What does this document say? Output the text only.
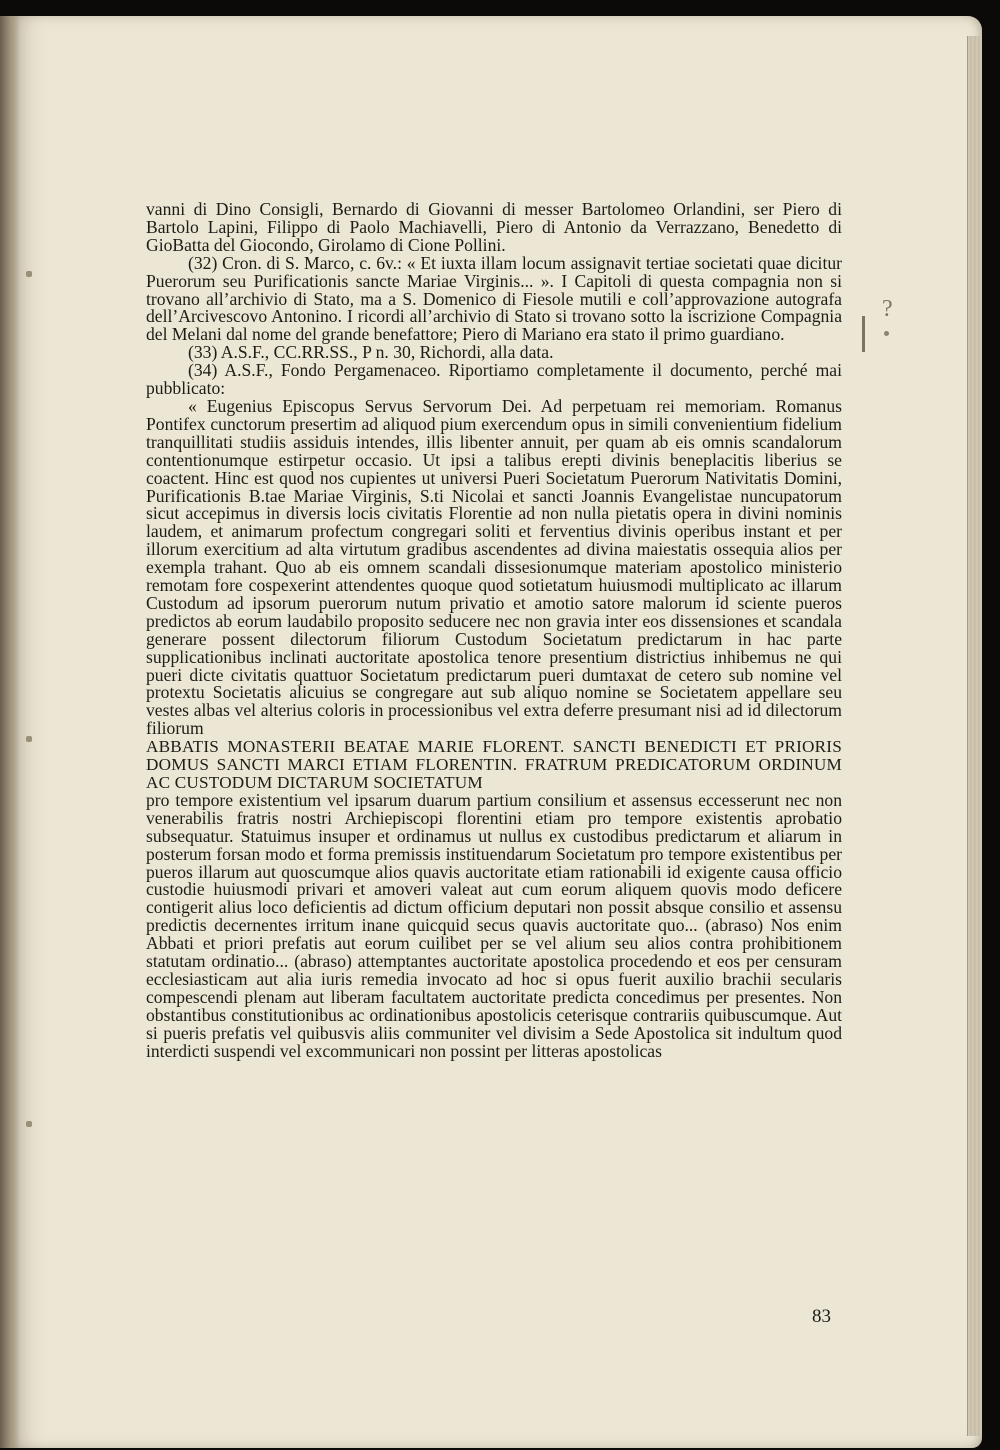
?

vanni di Dino Consigli, Bernardo di Giovanni di messer Bartolomeo Orlandini, ser Piero di Bartolo Lapini, Filippo di Paolo Machiavelli, Piero di Antonio da Verrazzano, Benedetto di GioBatta del Giocondo, Girolamo di Cione Pollini.

(32) Cron. di S. Marco, c. 6v.: « Et iuxta illam locum assignavit tertiae societati quae dicitur Puerorum seu Purificationis sancte Mariae Virginis... ». I Capitoli di questa compagnia non si trovano all’archivio di Stato, ma a S. Domenico di Fiesole mutili e coll’approvazione autografa dell’Arcivescovo Antonino. I ricordi all’archivio di Stato si trovano sotto la iscrizione Compagnia del Melani dal nome del grande benefattore; Piero di Mariano era stato il primo guardiano.

(33) A.S.F., CC.RR.SS., P n. 30, Richordi, alla data.

(34) A.S.F., Fondo Pergamenaceo. Riportiamo completamente il documento, perché mai pubblicato:

« Eugenius Episcopus Servus Servorum Dei. Ad perpetuam rei memoriam. Romanus Pontifex cunctorum presertim ad aliquod pium exercendum opus in simili convenientium fidelium tranquillitati studiis assiduis intendes, illis libenter annuit, per quam ab eis omnis scandalorum contentionumque estirpetur occasio. Ut ipsi a talibus erepti divinis beneplacitis liberius se coactent. Hinc est quod nos cupientes ut universi Pueri Societatum Puerorum Nativitatis Domini, Purificationis B.tae Mariae Virginis, S.ti Nicolai et sancti Joannis Evangelistae nuncupatorum sicut accepimus in diversis locis civitatis Florentie ad non nulla pietatis opera in divini nominis laudem, et animarum profectum congregari soliti et ferventius divinis operibus instant et per illorum exercitium ad alta virtutum gradibus ascendentes ad divina maiestatis ossequia alios per exempla trahant. Quo ab eis omnem scandali dissesionumque materiam apostolico ministerio remotam fore cospexerint attendentes quoque quod sotietatum huiusmodi multiplicato ac illarum Custodum ad ipsorum puerorum nutum privatio et amotio satore malorum id sciente pueros predictos ab eorum laudabilo proposito seducere nec non gravia inter eos dissensiones et scandala generare possent dilectorum filiorum Custodum Societatum predictarum in hac parte supplicationibus inclinati auctoritate apostolica tenore presentium districtius inhibemus ne qui pueri dicte civitatis quattuor Societatum predictarum pueri dumtaxat de cetero sub nomine vel protextu Societatis alicuius se congregare aut sub aliquo nomine se Societatem appellare seu vestes albas vel alterius coloris in processionibus vel extra deferre presumant nisi ad id dilectorum filiorum

ABBATIS MONASTERII BEATAE MARIE FLORENT. SANCTI BENEDICTI ET PRIORIS DOMUS SANCTI MARCI ETIAM FLORENTIN. FRATRUM PREDICATORUM ORDINUM AC CUSTODUM DICTARUM SOCIETATUM

pro tempore existentium vel ipsarum duarum partium consilium et assensus eccesserunt nec non venerabilis fratris nostri Archiepiscopi florentini etiam pro tempore existentis aprobatio subsequatur. Statuimus insuper et ordinamus ut nullus ex custodibus predictarum et aliarum in posterum forsan modo et forma premissis instituendarum Societatum pro tempore existentibus per pueros illarum aut quoscumque alios quavis auctoritate etiam rationabili id exigente causa officio custodie huiusmodi privari et amoveri valeat aut cum eorum aliquem quovis modo deficere contigerit alius loco deficientis ad dictum officium deputari non possit absque consilio et assensu predictis decernentes irritum inane quicquid secus quavis auctoritate quo... (abraso) Nos enim Abbati et priori prefatis aut eorum cuilibet per se vel alium seu alios contra prohibitionem statutam ordinatio... (abraso) attemptantes auctoritate apostolica procedendo et eos per censuram ecclesiasticam aut alia iuris remedia invocato ad hoc si opus fuerit auxilio brachii secularis compescendi plenam aut liberam facultatem auctoritate predicta concedimus per presentes. Non obstantibus constitutionibus ac ordinationibus apostolicis ceterisque contrariis quibuscumque. Aut si pueris prefatis vel quibusvis aliis communiter vel divisim a Sede Apostolica sit indultum quod interdicti suspendi vel excommunicari non possint per litteras apostolicas

83
